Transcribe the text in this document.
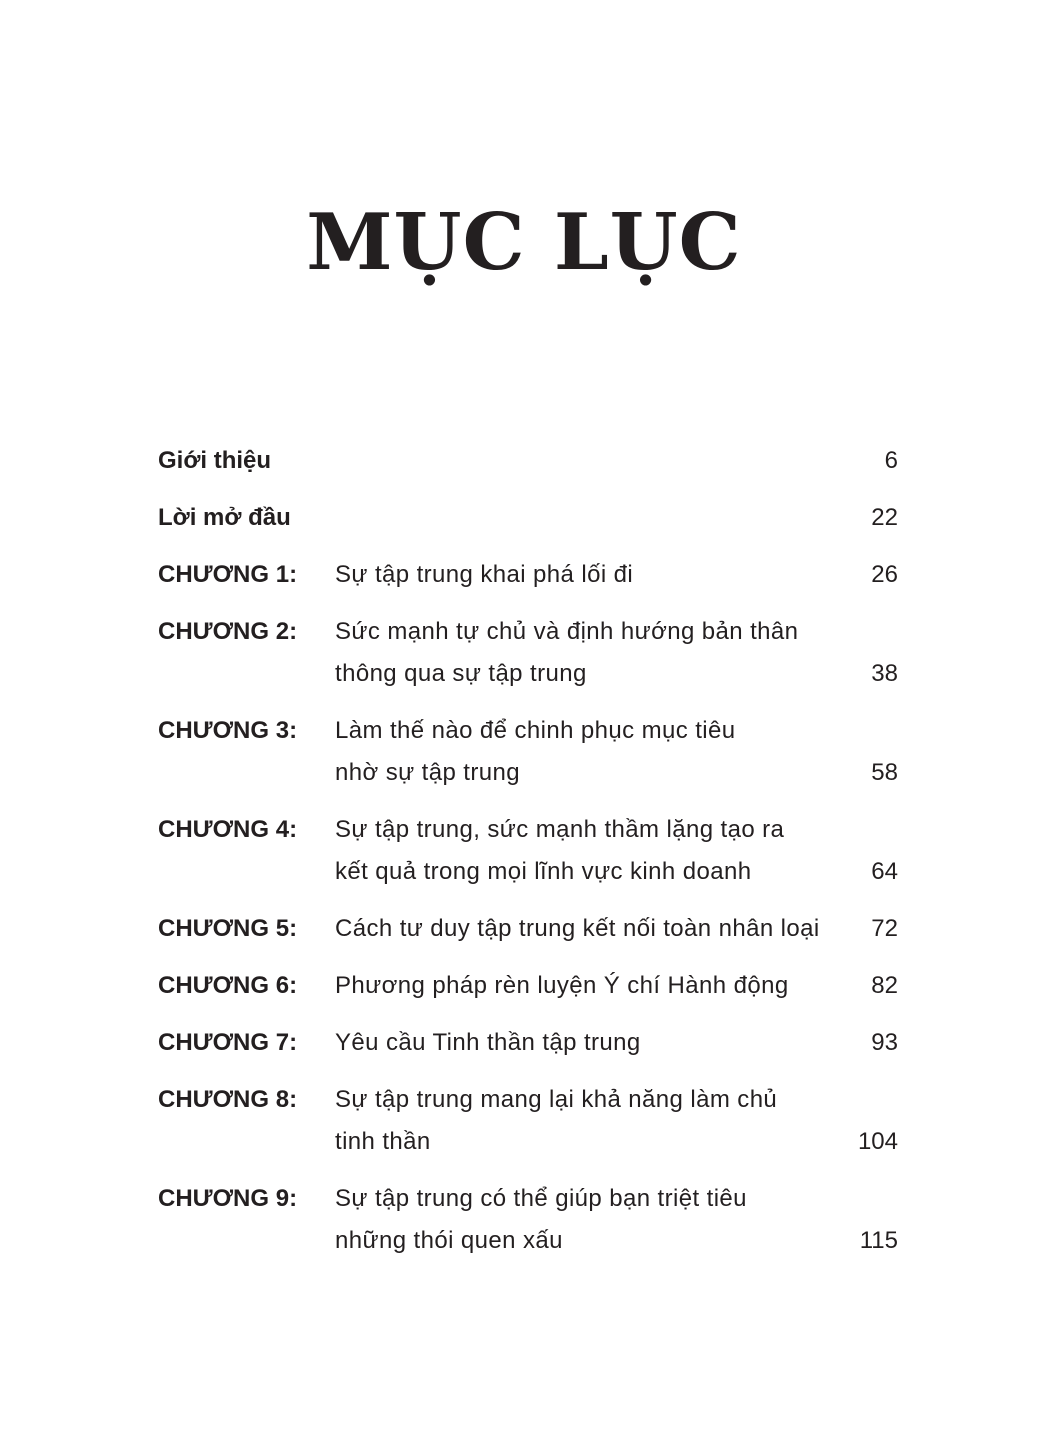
MỤC LỤC
Giới thiệu	6
Lời mở đầu	22
CHƯƠNG 1:	Sự tập trung khai phá lối đi	26
CHƯƠNG 2:	Sức mạnh tự chủ và định hướng bản thân
thông qua sự tập trung	38
CHƯƠNG 3:	Làm thế nào để chinh phục mục tiêu
nhờ sự tập trung	58
CHƯƠNG 4:	Sự tập trung, sức mạnh thầm lặng tạo ra
kết quả trong mọi lĩnh vực kinh doanh	64
CHƯƠNG 5:	Cách tư duy tập trung kết nối toàn nhân loại	72
CHƯƠNG 6:	Phương pháp rèn luyện Ý chí Hành động	82
CHƯƠNG 7:	Yêu cầu Tinh thần tập trung	93
CHƯƠNG 8:	Sự tập trung mang lại khả năng làm chủ
tinh thần	104
CHƯƠNG 9:	Sự tập trung có thể giúp bạn triệt tiêu
những thói quen xấu	115
